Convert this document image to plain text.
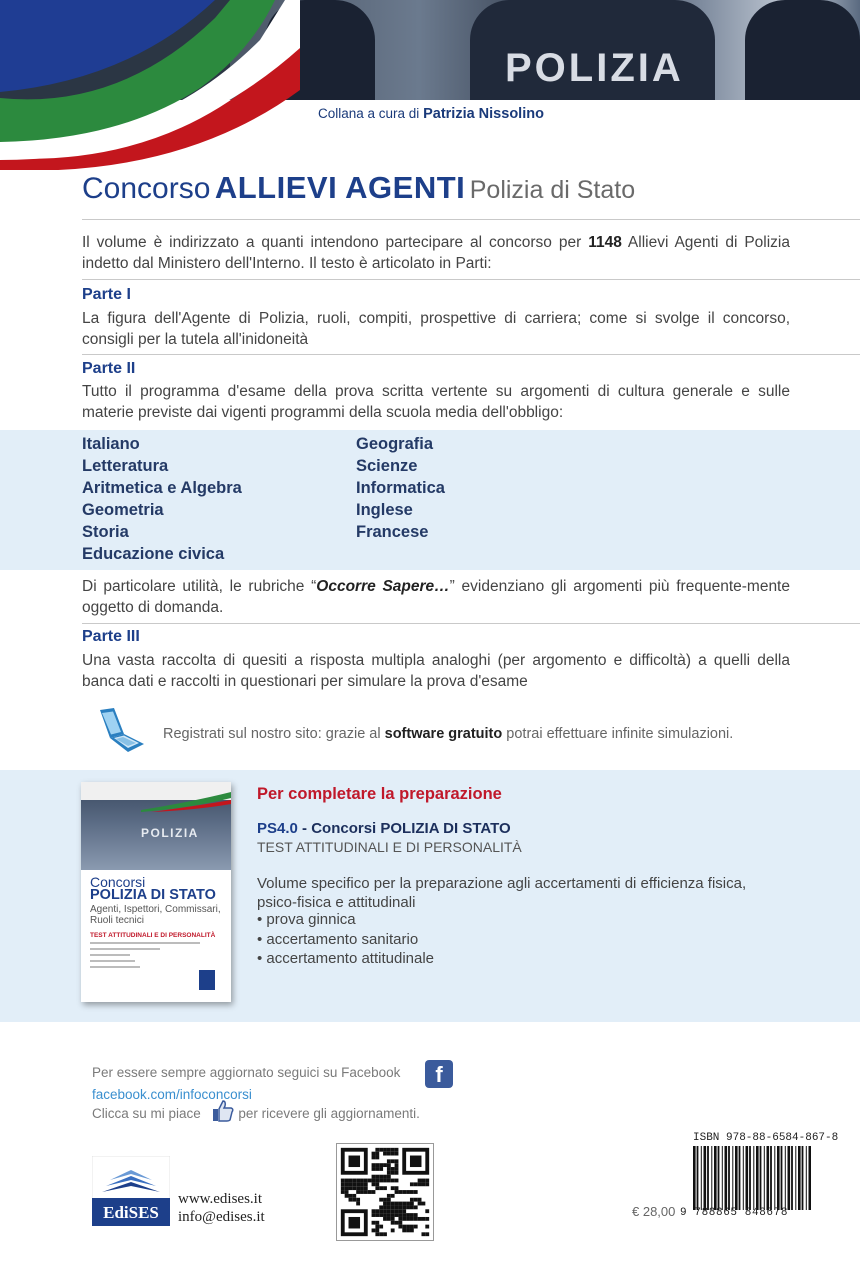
POLIZIA
Collana a cura di Patrizia Nissolino
Concorso ALLIEVI AGENTI Polizia di Stato
Il volume è indirizzato a quanti intendono partecipare al concorso per 1148 Allievi Agenti di Polizia indetto dal Ministero dell'Interno. Il testo è articolato in Parti:
Parte I
La figura dell'Agente di Polizia, ruoli, compiti, prospettive di carriera; come si svolge il concorso, consigli per la tutela all'inidoneità
Parte II
Tutto il programma d'esame della prova scritta vertente su argomenti di cultura generale e sulle materie previste dai vigenti programmi della scuola media dell'obbligo:
Italiano
Letteratura
Aritmetica e Algebra
Geometria
Storia
Educazione civica
Geografia
Scienze
Informatica
Inglese
Francese
Di particolare utilità, le rubriche “Occorre Sapere…” evidenziano gli argomenti più frequente-mente oggetto di domanda.
Parte III
Una vasta raccolta di quesiti a risposta multipla analoghi (per argomento e difficoltà) a quelli della banca dati e raccolti in questionari per simulare la prova d'esame
Registrati sul nostro sito: grazie al software gratuito potrai effettuare infinite simulazioni.
POLIZIA
Concorsi
POLIZIA DI STATO
Agenti, Ispettori, Commissari, Ruoli tecnici
TEST ATTITUDINALI E DI PERSONALITÀ
Per completare la preparazione
PS4.0 - Concorsi POLIZIA DI STATO
TEST ATTITUDINALI E DI PERSONALITÀ
Volume specifico per la preparazione agli accertamenti di efficienza fisica, psico-fisica e attitudinali
• prova ginnica
• accertamento sanitario
• accertamento attitudinale
Per essere sempre aggiornato seguici su Facebook	f
facebook.com/infoconcorsi
Clicca su mi piace	per ricevere gli aggiornamenti.
EdiSES
www.edises.it
info@edises.it
ISBN 978-88-6584-867-8
9 788865 848678
€ 28,00
